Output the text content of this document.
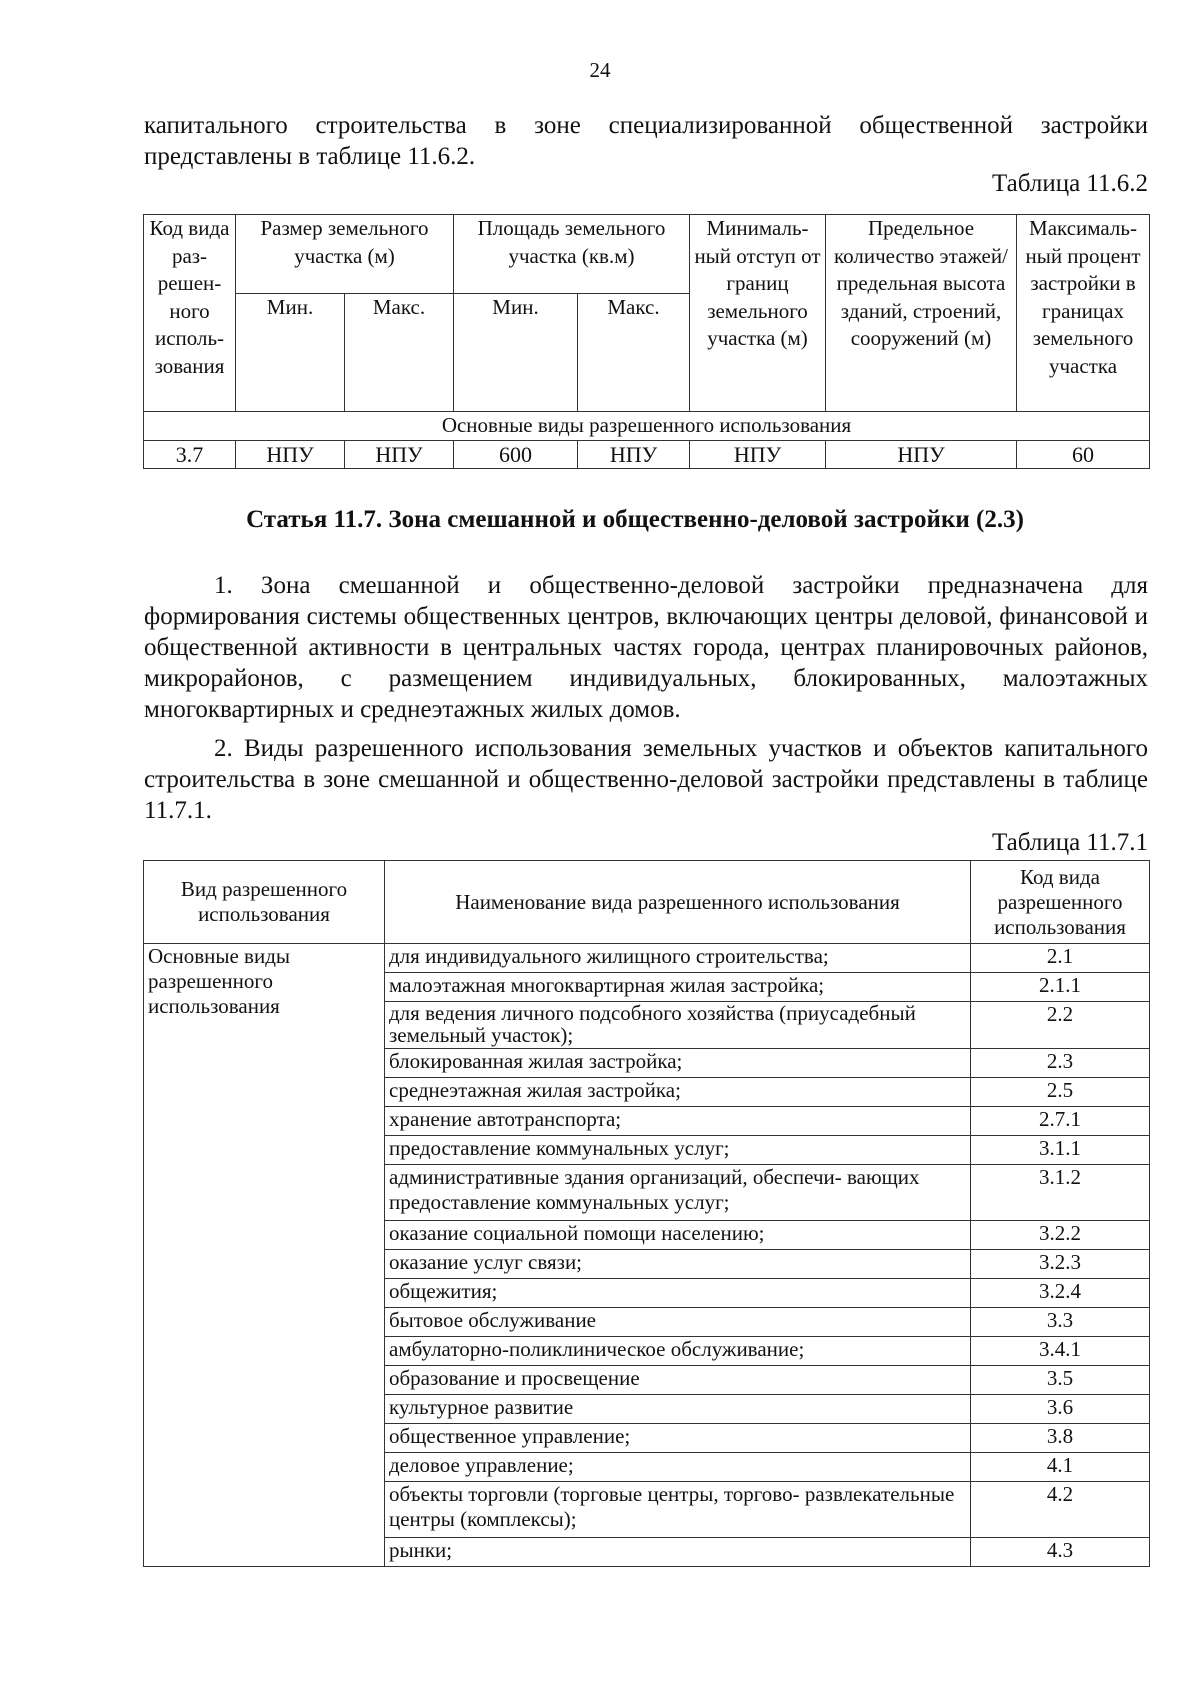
24

капитального строительства в зоне специализированной общественной застройки представлены в таблице 11.6.2.

Таблица 11.6.2
Код вида раз- решен- ного исполь- зования	Размер земельного участка (м)		Площадь земельного участка (кв.м)		Минималь- ный отступ от границ земельного участка (м)	Предельное количество этажей/ предельная высота зданий, строений, сооружений (м)	Максималь- ный процент застройки в границах земельного участка
	Мин.	Макс.	Мин.	Макс.			
Основные виды разрешенного использования							
3.7	НПУ	НПУ	600	НПУ	НПУ	НПУ	60
Статья 11.7. Зона смешанной и общественно-деловой застройки (2.3)

1. Зона смешанной и общественно-деловой застройки предназначена для формирования системы общественных центров, включающих центры деловой, финансовой и общественной активности в центральных частях города, центрах планировочных районов, микрорайонов, с размещением индивидуальных, блокированных, малоэтажных многоквартирных и среднеэтажных жилых домов.

2. Виды разрешенного использования земельных участков и объектов капитального строительства в зоне смешанной и общественно-деловой застройки представлены в таблице 11.7.1.

Таблица 11.7.1
Вид разрешенного использования	Наименование вида разрешенного использования	Код вида разрешенного использования
Основные виды разрешенного использования	для индивидуального жилищного строительства;	2.1
	малоэтажная многоквартирная жилая застройка;	2.1.1
	для ведения личного подсобного хозяйства (приусадебный земельный участок);	2.2
	блокированная жилая застройка;	2.3
	среднеэтажная жилая застройка;	2.5
	хранение автотранспорта;	2.7.1
	предоставление коммунальных услуг;	3.1.1
	административные здания организаций, обеспечи- вающих предоставление коммунальных услуг;	3.1.2
	оказание социальной помощи населению;	3.2.2
	оказание услуг связи;	3.2.3
	общежития;	3.2.4
	бытовое обслуживание	3.3
	амбулаторно-поликлиническое обслуживание;	3.4.1
	образование и просвещение	3.5
	культурное развитие	3.6
	общественное управление;	3.8
	деловое управление;	4.1
	объекты торговли (торговые центры, торгово- развлекательные центры (комплексы);	4.2
	рынки;	4.3
